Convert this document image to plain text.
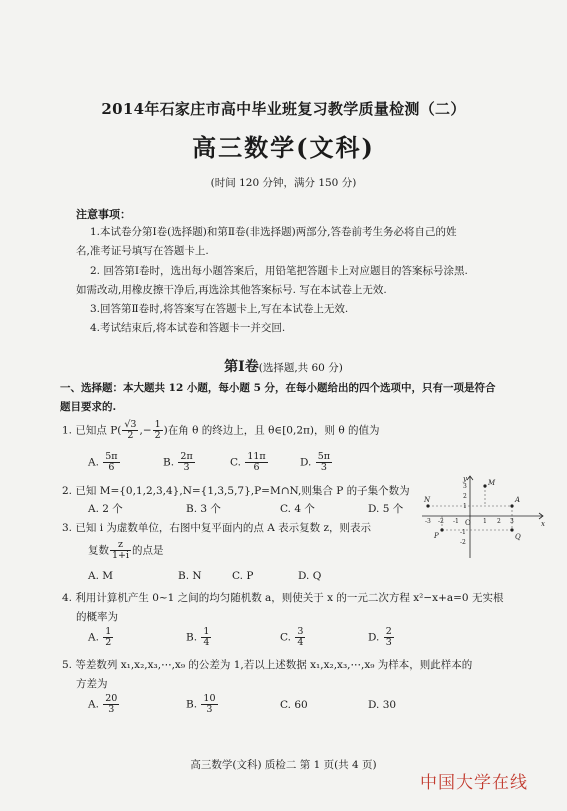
2014年石家庄市高中毕业班复习教学质量检测（二）
高三数学(文科)
(时间 120 分钟，满分 150 分)
注意事项：
1.本试卷分第Ⅰ卷(选择题)和第Ⅱ卷(非选择题)两部分,答卷前考生务必将自己的姓
名,准考证号填写在答题卡上.
2. 回答第Ⅰ卷时，选出每小题答案后，用铅笔把答题卡上对应题目的答案标号涂黑.
如需改动,用橡皮擦干净后,再选涂其他答案标号. 写在本试卷上无效.
3.回答第Ⅱ卷时,将答案写在答题卡上,写在本试卷上无效.
4.考试结束后,将本试卷和答题卡一并交回.
第Ⅰ卷(选择题,共 60 分)
一、选择题：本大题共 12 小题，每小题 5 分，在每小题给出的四个选项中，只有一项是符合
题目要求的.
1. 已知点 $P( \frac{√3}{2}$ ,− $\frac{1}{2}$ )在角 θ 的终边上，且 θ∈[0,2π)，则 θ 的值为
A. $\frac{5\pi}{6}$	B. $\frac{2\pi}{3}$	C. $\frac{11\pi}{6}$	D. $\frac{5\pi}{3}$
2. 已知 M={0,1,2,3,4},N={1,3,5,7},P=M∩N,则集合 P 的子集个数为
A. 2 个	B. 3 个	C. 4 个	D. 5 个
3. 已知 i 为虚数单位，右图中复平面内的点 A 表示复数 z，则表示
复数 $\frac{z}{1+i}$ 的点是
A. M	B. N	C. P	D. Q
y
x
O
M
N	A
P	Q
3
2
1
-1
-2
-3 -2 -1	1 2 3
4. 利用计算机产生 0~1 之间的均匀随机数 a，则使关于 x 的一元二次方程 x²−x+a=0 无实根
的概率为
A. $\frac{1}{2}$	B. $\frac{1}{4}$	C. $\frac{3}{4}$	D. $\frac{2}{3}$
5. 等差数列 x₁,x₂,x₃,⋯,x₉ 的公差为 1,若以上述数据 x₁,x₂,x₃,⋯,x₉ 为样本，则此样本的
方差为
A. $\frac{20}{3}$	B. $\frac{10}{3}$	C. 60	D. 30
高三数学(文科) 质检二 第 1 页(共 4 页)
中国大学在线
